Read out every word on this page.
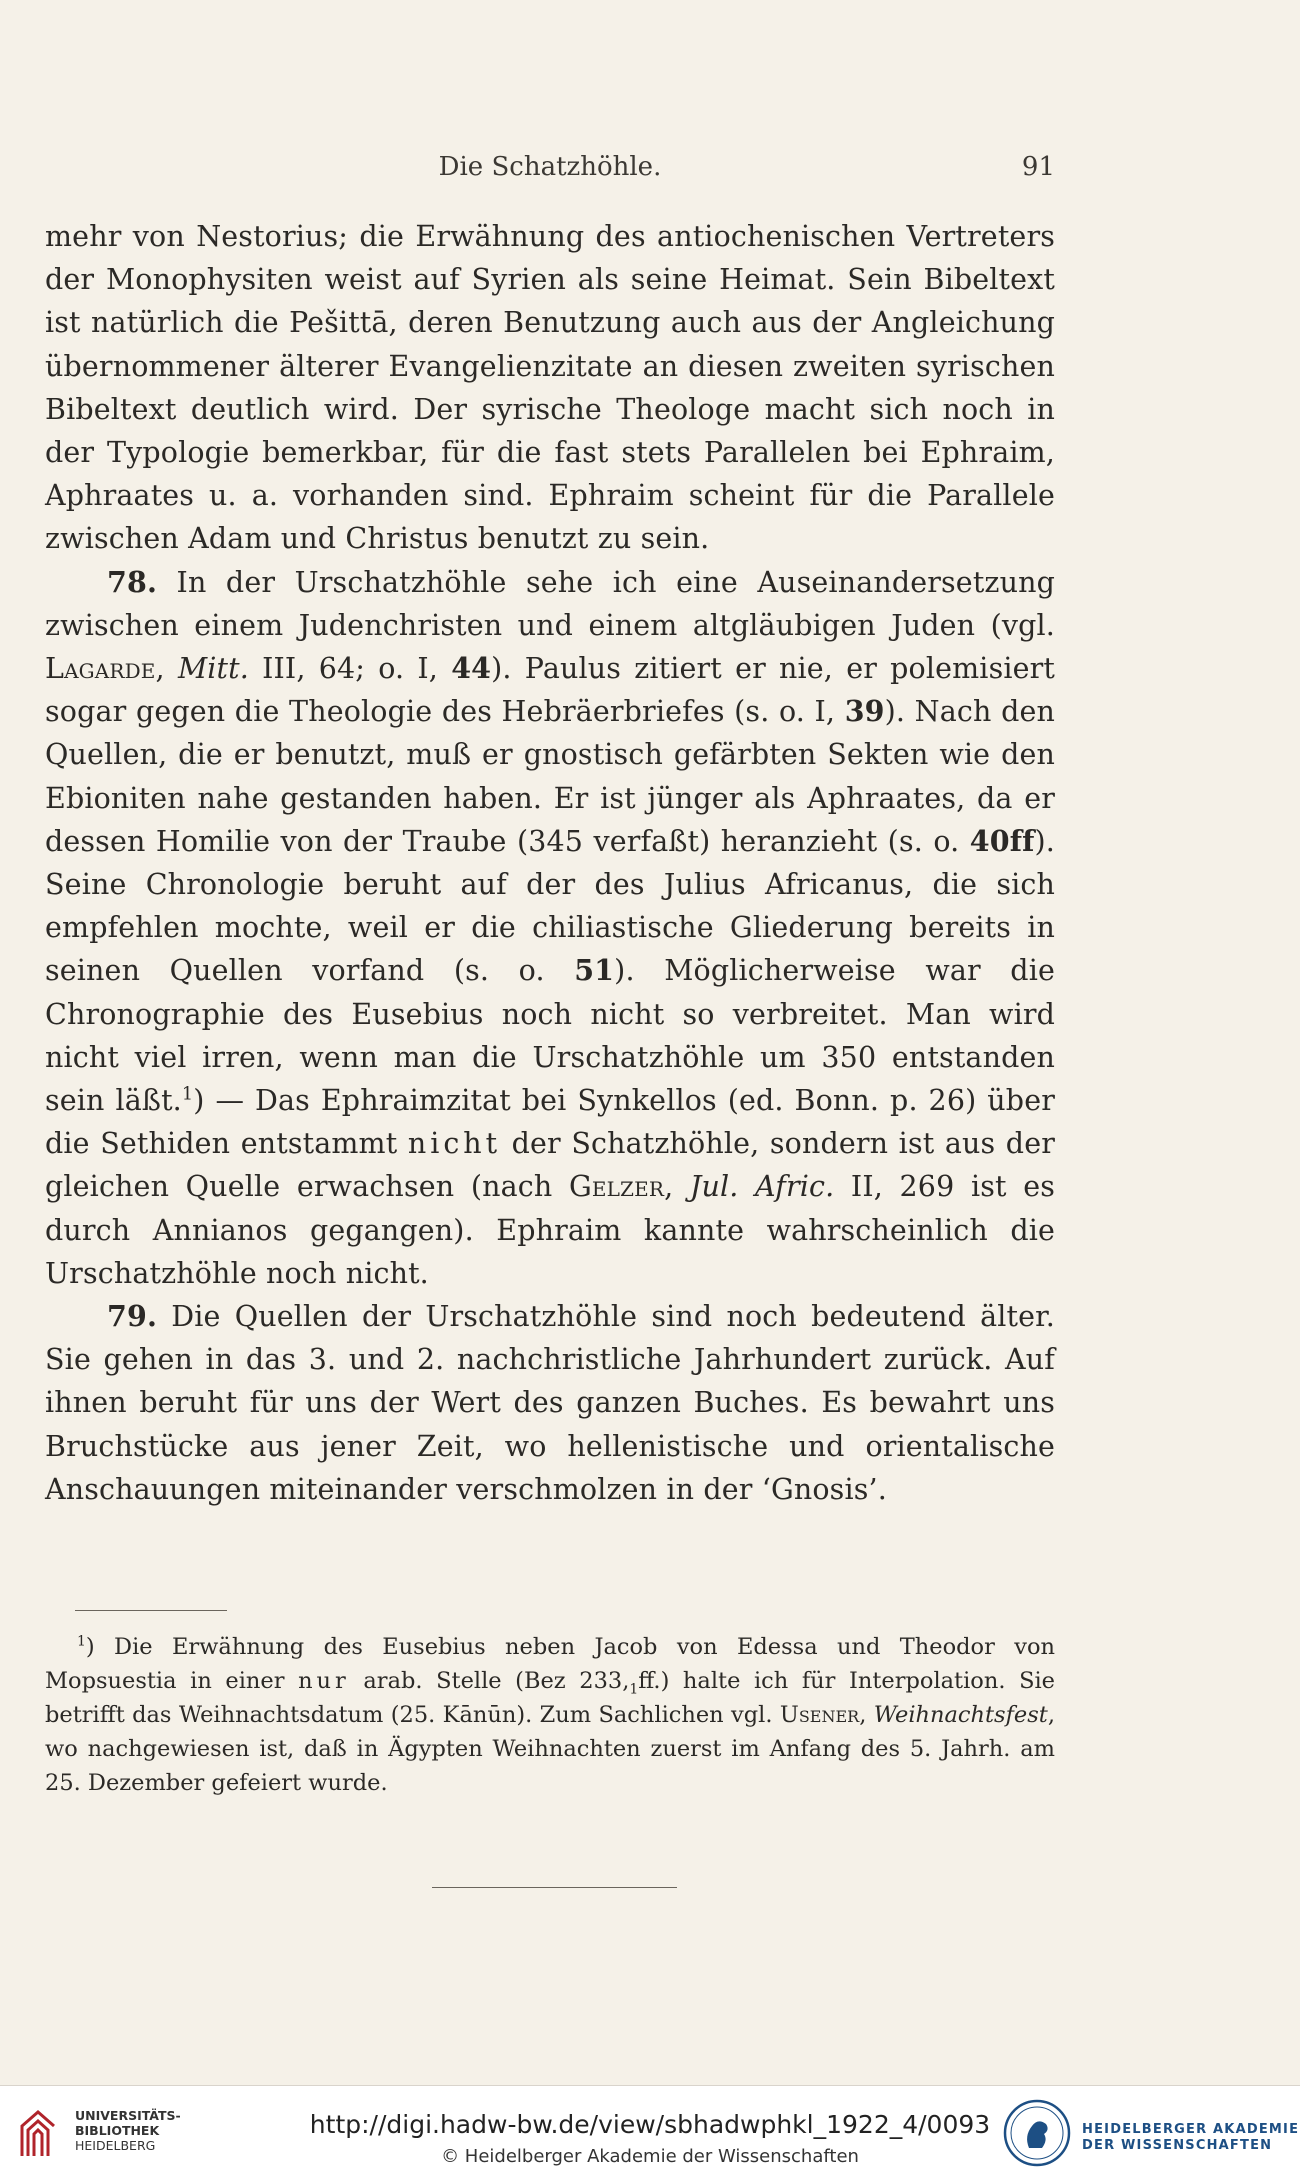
Die Schatzhöhle.	91

mehr von Nestorius; die Erwähnung des antiochenischen Vertreters der Monophysiten weist auf Syrien als seine Heimat. Sein Bibeltext ist natürlich die Pešittā, deren Benutzung auch aus der Angleichung übernommener älterer Evangelienzitate an diesen zweiten syrischen Bibeltext deutlich wird. Der syrische Theologe macht sich noch in der Typologie bemerkbar, für die fast stets Parallelen bei Ephraim, Aphraates u. a. vorhanden sind. Ephraim scheint für die Parallele zwischen Adam und Christus benutzt zu sein.

78. In der Urschatzhöhle sehe ich eine Auseinandersetzung zwischen einem Judenchristen und einem altgläubigen Juden (vgl. Lagarde, Mitt. III, 64; o. I, 44). Paulus zitiert er nie, er polemisiert sogar gegen die Theologie des Hebräerbriefes (s. o. I, 39). Nach den Quellen, die er benutzt, muß er gnostisch gefärbten Sekten wie den Ebioniten nahe gestanden haben. Er ist jünger als Aphraates, da er dessen Homilie von der Traube (345 verfaßt) heranzieht (s. o. 40ff). Seine Chronologie beruht auf der des Julius Africanus, die sich empfehlen mochte, weil er die chiliastische Gliederung bereits in seinen Quellen vorfand (s. o. 51). Möglicherweise war die Chronographie des Eusebius noch nicht so verbreitet. Man wird nicht viel irren, wenn man die Urschatzhöhle um 350 entstanden sein läßt.$^1$) — Das Ephraimzitat bei Synkellos (ed. Bonn. p. 26) über die Sethiden entstammt nicht der Schatzhöhle, sondern ist aus der gleichen Quelle erwachsen (nach Gelzer, Jul. Afric. II, 269 ist es durch Annianos gegangen). Ephraim kannte wahrscheinlich die Urschatzhöhle noch nicht.

79. Die Quellen der Urschatzhöhle sind noch bedeutend älter. Sie gehen in das 3. und 2. nachchristliche Jahrhundert zurück. Auf ihnen beruht für uns der Wert des ganzen Buches. Es bewahrt uns Bruchstücke aus jener Zeit, wo hellenistische und orientalische Anschauungen miteinander verschmolzen in der ‘Gnosis’.

$^1$) Die Erwähnung des Eusebius neben Jacob von Edessa und Theodor von Mopsuestia in einer nur arab. Stelle (Bez $233,_1ff$.) halte ich für Interpolation. Sie betrifft das Weihnachtsdatum (25. Kānūn). Zum Sachlichen vgl. Usener, Weihnachtsfest, wo nachgewiesen ist, daß in Ägypten Weihnachten zuerst im Anfang des 5. Jahrh. am 25. Dezember gefeiert wurde.

UNIVERSITÄTS-
BIBLIOTHEK
HEIDELBERG
http://digi.hadw-bw.de/view/sbhadwphkl_1922_4/0093
© Heidelberger Akademie der Wissenschaften
HEIDELBERGER AKADEMIE
DER WISSENSCHAFTEN
